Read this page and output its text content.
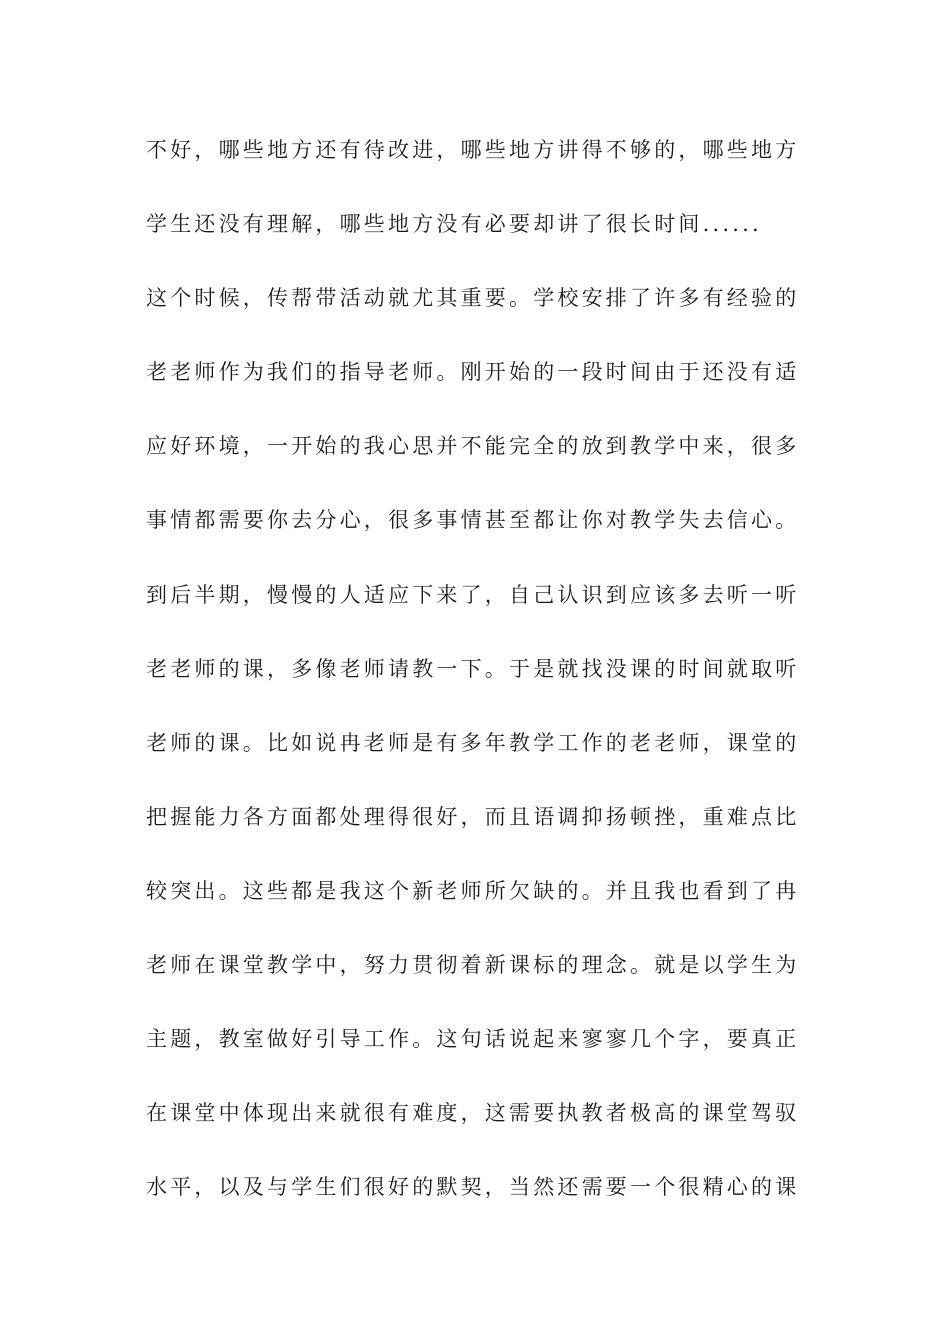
不好，哪些地方还有待改进，哪些地方讲得不够的，哪些地方
学生还没有理解，哪些地方没有必要却讲了很长时间......
这个时候，传帮带活动就尤其重要。学校安排了许多有经验的
老老师作为我们的指导老师。刚开始的一段时间由于还没有适
应好环境，一开始的我心思并不能完全的放到教学中来，很多
事情都需要你去分心，很多事情甚至都让你对教学失去信心。
到后半期，慢慢的人适应下来了，自己认识到应该多去听一听
老老师的课，多像老师请教一下。于是就找没课的时间就取听
老师的课。比如说冉老师是有多年教学工作的老老师，课堂的
把握能力各方面都处理得很好，而且语调抑扬顿挫，重难点比
较突出。这些都是我这个新老师所欠缺的。并且我也看到了冉
老师在课堂教学中，努力贯彻着新课标的理念。就是以学生为
主题，教室做好引导工作。这句话说起来寥寥几个字，要真正
在课堂中体现出来就很有难度，这需要执教者极高的课堂驾驭
水平，以及与学生们很好的默契，当然还需要一个很精心的课
